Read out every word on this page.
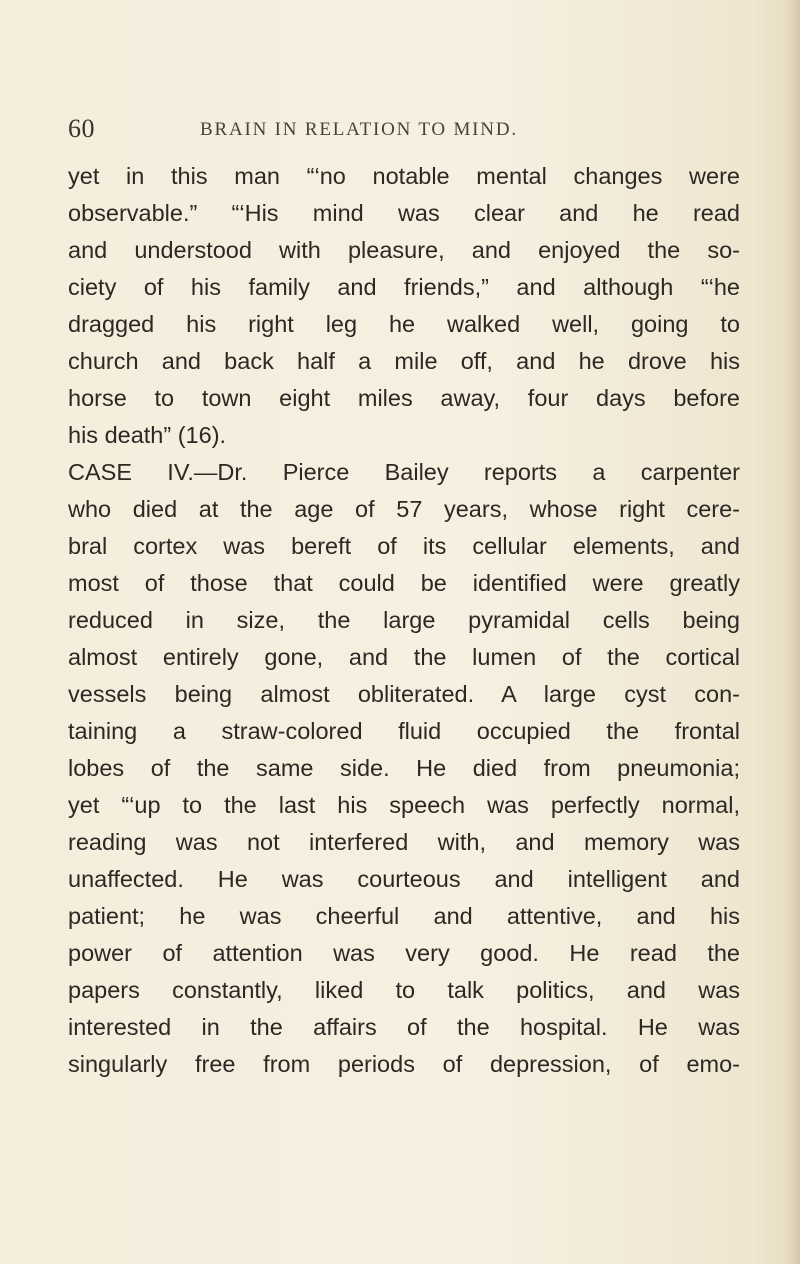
60	BRAIN IN RELATION TO MIND.
yet in this man “‘no notable mental changes were
observable.” “‘His mind was clear and he read
and understood with pleasure, and enjoyed the so-
ciety of his family and friends,” and although “‘he
dragged his right leg he walked well, going to
church and back half a mile off, and he drove his
horse to town eight miles away, four days before
his death” (16).
CASE IV.—Dr. Pierce Bailey reports a carpenter
who died at the age of 57 years, whose right cere-
bral cortex was bereft of its cellular elements, and
most of those that could be identified were greatly
reduced in size, the large pyramidal cells being
almost entirely gone, and the lumen of the cortical
vessels being almost obliterated. A large cyst con-
taining a straw-colored fluid occupied the frontal
lobes of the same side. He died from pneumonia;
yet “‘up to the last his speech was perfectly normal,
reading was not interfered with, and memory was
unaffected. He was courteous and intelligent and
patient; he was cheerful and attentive, and his
power of attention was very good. He read the
papers constantly, liked to talk politics, and was
interested in the affairs of the hospital. He was
singularly free from periods of depression, of emo-
